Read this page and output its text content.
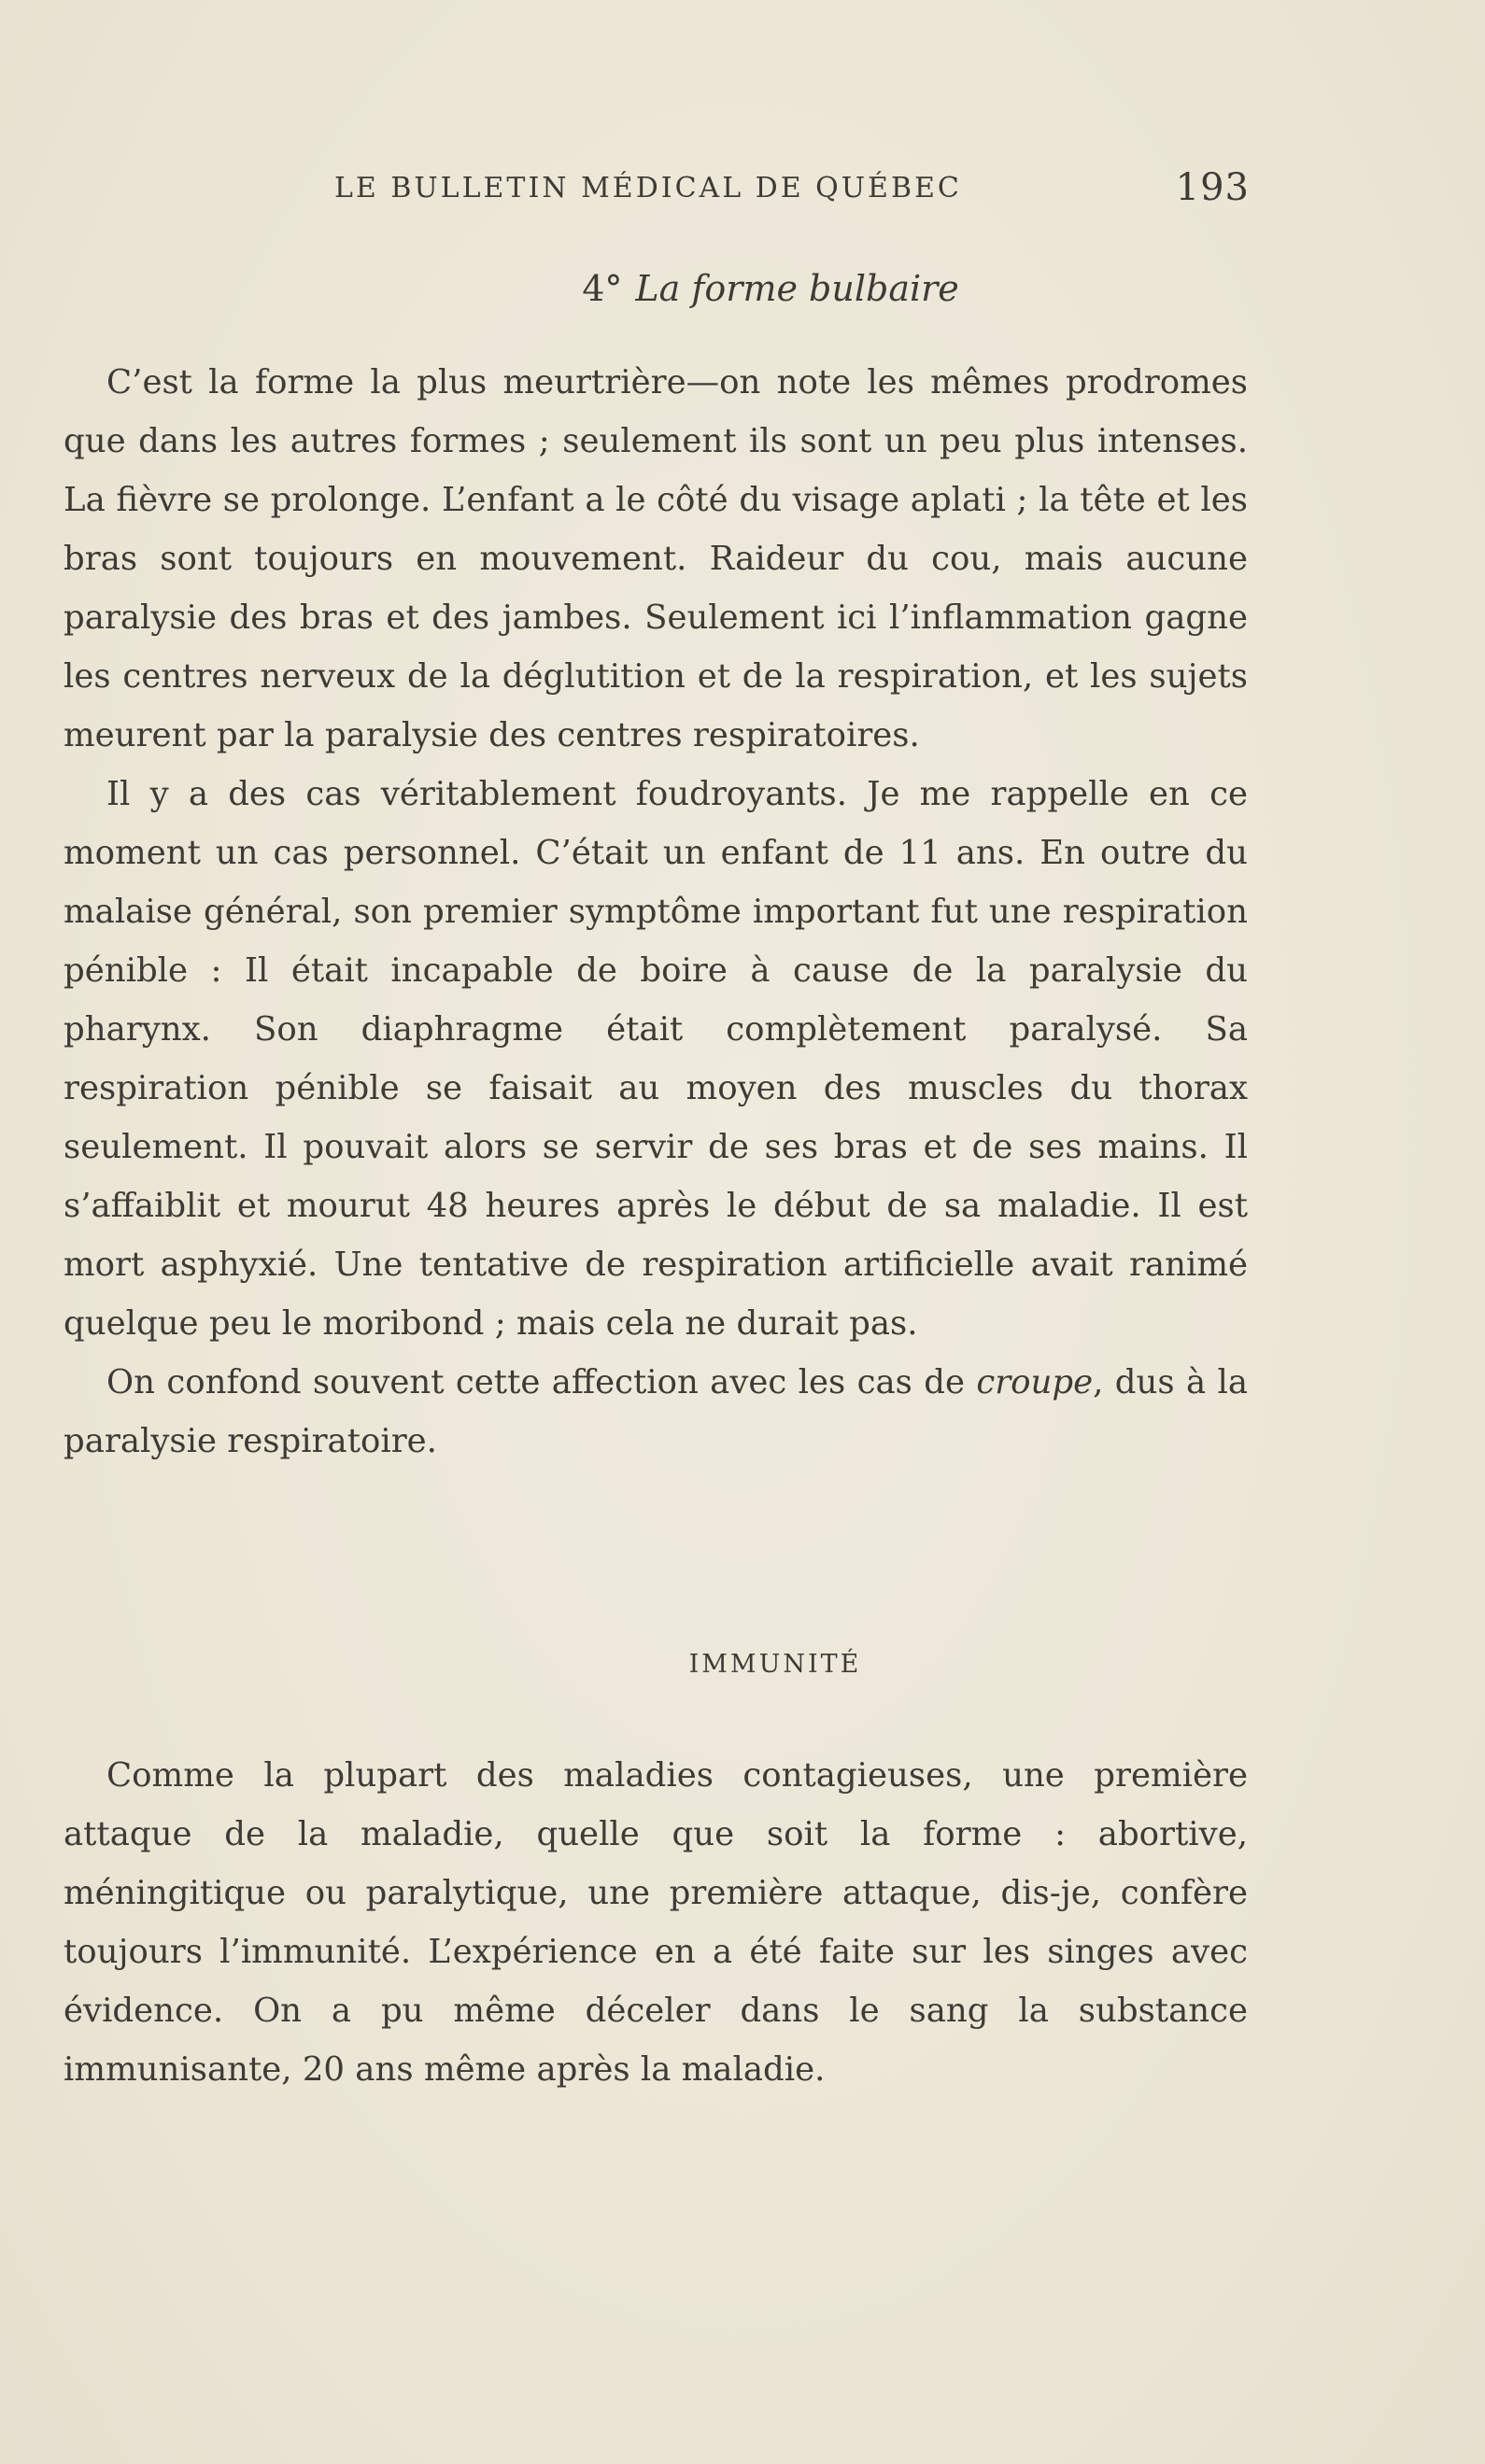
LE BULLETIN MÉDICAL DE QUÉBEC	193
4° La forme bulbaire

C’est la forme la plus meurtrière—on note les mêmes prodromes que dans les autres formes ; seulement ils sont un peu plus intenses. La fièvre se prolonge. L’enfant a le côté du visage aplati ; la tête et les bras sont toujours en mouvement. Raideur du cou, mais aucune paralysie des bras et des jambes. Seulement ici l’inflammation gagne les centres nerveux de la déglutition et de la respiration, et les sujets meurent par la paralysie des centres respiratoires.

Il y a des cas véritablement foudroyants. Je me rappelle en ce moment un cas personnel. C’était un enfant de 11 ans. En outre du malaise général, son premier symptôme important fut une respiration pénible : Il était incapable de boire à cause de la paralysie du pharynx. Son diaphragme était complètement paralysé. Sa respiration pénible se faisait au moyen des muscles du thorax seulement. Il pouvait alors se servir de ses bras et de ses mains. Il s’affaiblit et mourut 48 heures après le début de sa maladie. Il est mort asphyxié. Une tentative de respiration artificielle avait ranimé quelque peu le moribond ; mais cela ne durait pas.

On confond souvent cette affection avec les cas de croupe, dus à la paralysie respiratoire.

IMMUNITÉ

Comme la plupart des maladies contagieuses, une première attaque de la maladie, quelle que soit la forme : abortive, méningitique ou paralytique, une première attaque, dis-je, confère toujours l’immunité. L’expérience en a été faite sur les singes avec évidence. On a pu même déceler dans le sang la substance immunisante, 20 ans même après la maladie.
